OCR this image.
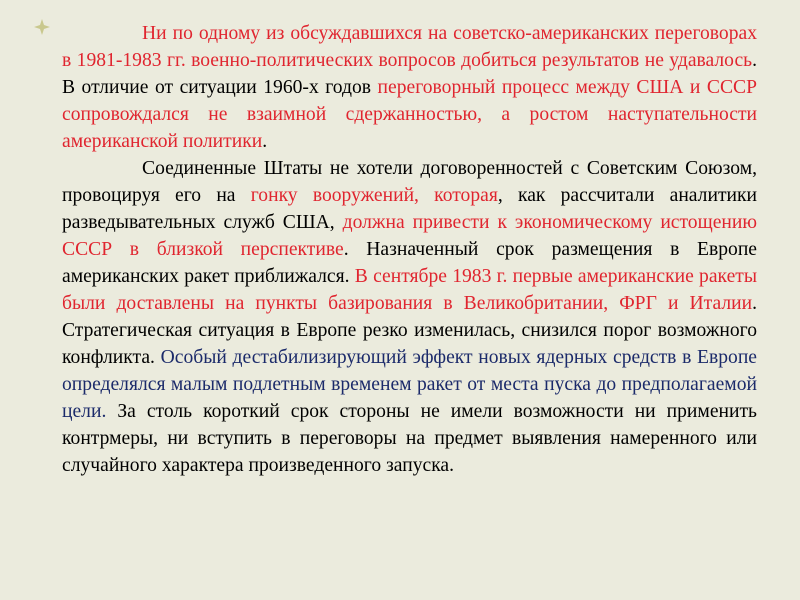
Ни по одному из обсуждавшихся на советско-американских переговорах в 1981-1983 гг. военно-политических вопросов добиться результатов не удавалось. В отличие от ситуации 1960-х годов переговорный процесс между США и СССР сопровождался не взаимной сдержанностью, а ростом наступательности американской политики.

Соединенные Штаты не хотели договоренностей с Советским Союзом, провоцируя его на гонку вооружений, которая, как рассчитали аналитики разведывательных служб США, должна привести к экономическому истощению СССР в близкой перспективе. Назначенный срок размещения в Европе американских ракет приближался. В сентябре 1983 г. первые американские ракеты были доставлены на пункты базирования в Великобритании, ФРГ и Италии. Стратегическая ситуация в Европе резко изменилась, снизился порог возможного конфликта. Особый дестабилизирующий эффект новых ядерных средств в Европе определялся малым подлетным временем ракет от места пуска до предполагаемой цели. За столь короткий срок стороны не имели возможности ни применить контрмеры, ни вступить в переговоры на предмет выявления намеренного или случайного характера произведенного запуска.
